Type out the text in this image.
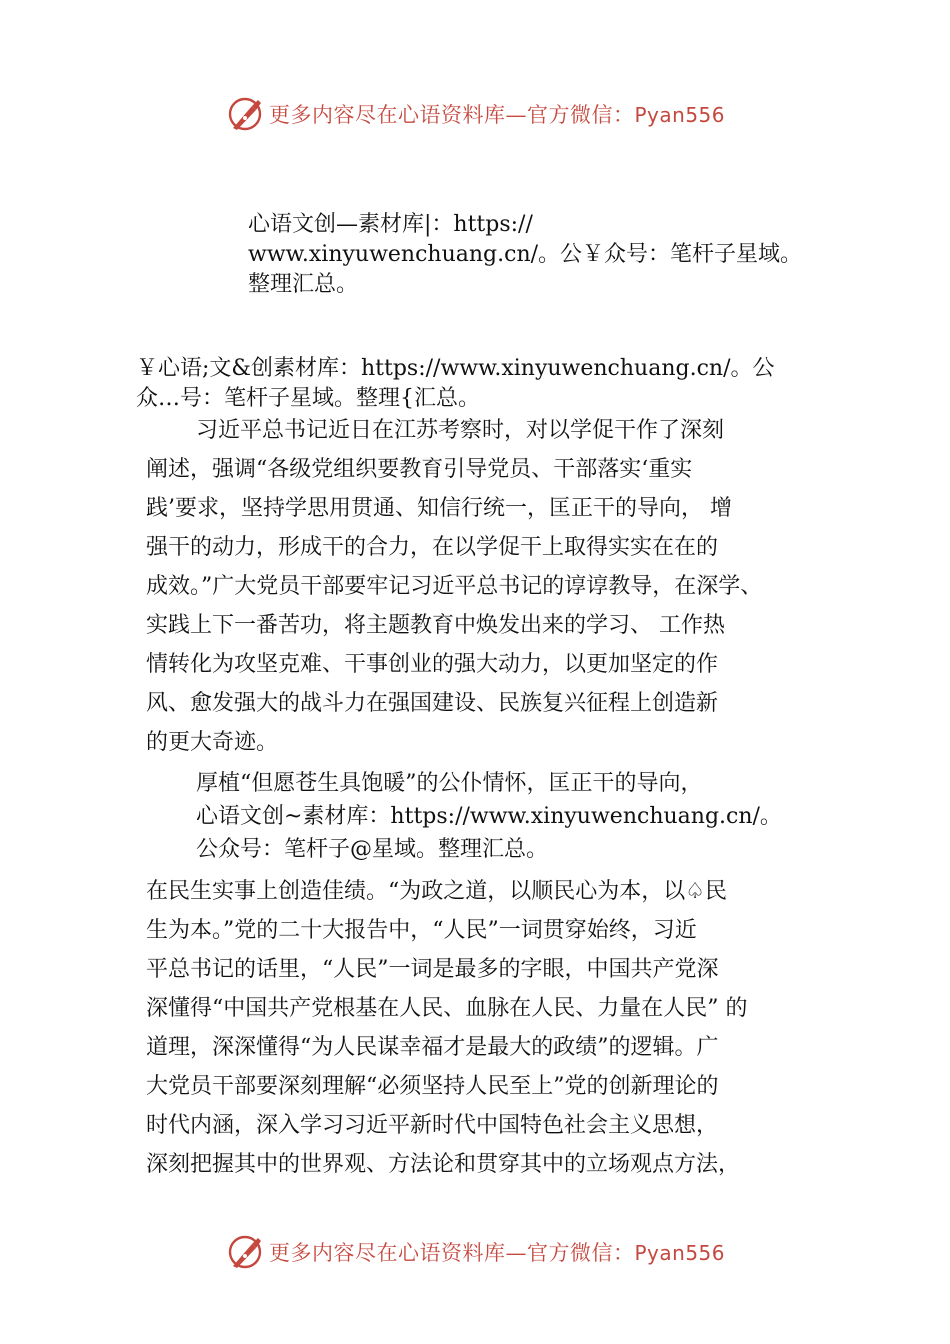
更多内容尽在心语资料库—官方微信：Pyan556
心语文创—素材库|：https://
www.xinyuwenchuang.cn/。公￥众号：笔杆子星域。
整理汇总。
￥心语;文&创素材库：https://www.xinyuwenchuang.cn/。公
众…号：笔杆子星域。整理{汇总。
习近平总书记近日在江苏考察时，对以学促干作了深刻
阐述，强调“各级党组织要教育引导党员、干部落实‘重实
践’要求，坚持学思用贯通、知信行统一，匡正干的导向， 增
强干的动力，形成干的合力，在以学促干上取得实实在在的
成效。”广大党员干部要牢记习近平总书记的谆谆教导，在深学、
实践上下一番苦功，将主题教育中焕发出来的学习、 工作热
情转化为攻坚克难、干事创业的强大动力，以更加坚定的作
风、愈发强大的战斗力在强国建设、民族复兴征程上创造新
的更大奇迹。
厚植“但愿苍生具饱暖”的公仆情怀，匡正干的导向，
心语文创~素材库：https://www.xinyuwenchuang.cn/。
公众号：笔杆子@星域。整理汇总。
在民生实事上创造佳绩。“为政之道，以顺民心为本，以♤民
生为本。”党的二十大报告中，“人民”一词贯穿始终，习近
平总书记的话里，“人民”一词是最多的字眼，中国共产党深
深懂得“中国共产党根基在人民、血脉在人民、力量在人民” 的
道理，深深懂得“为人民谋幸福才是最大的政绩”的逻辑。广
大党员干部要深刻理解“必须坚持人民至上”党的创新理论的
时代内涵，深入学习习近平新时代中国特色社会主义思想，
深刻把握其中的世界观、方法论和贯穿其中的立场观点方法，
更多内容尽在心语资料库—官方微信：Pyan556
